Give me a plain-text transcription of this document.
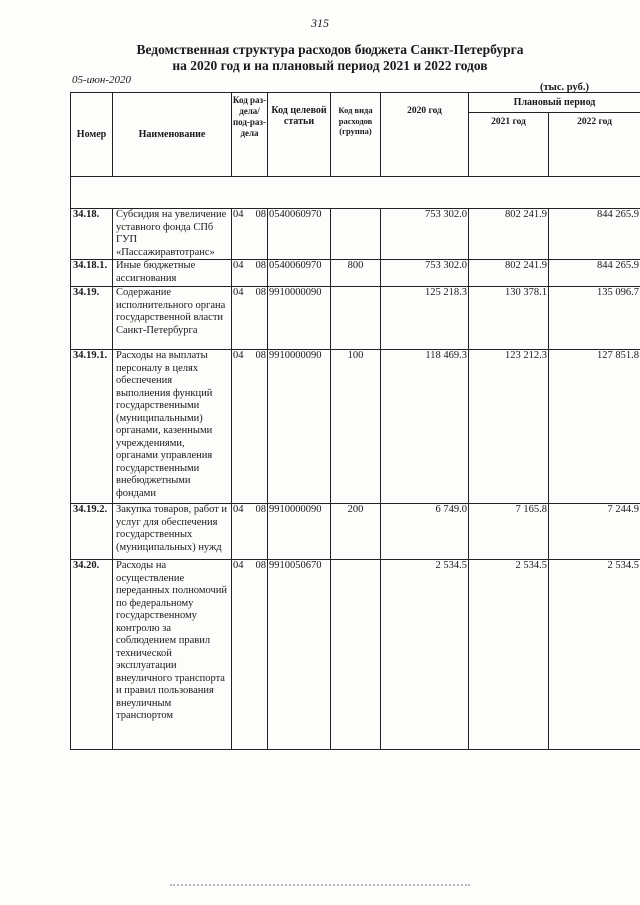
315
Ведомственная структура расходов бюджета Санкт-Петербурга
на 2020 год и на плановый период 2021 и 2022 годов
05-июн-2020
(тыс. руб.)
Номер	Наименование	Код раз-дела/ под-раз-дела	Код целевой статьи	Код вида расходов (группа)	2020 год	Плановый период	
						2021 год	2022 год

34.18.	Субсидия на увеличение уставного фонда СПб ГУП «Пассажиравтотранс»	04 08	0540060970		753 302.0	802 241.9	844 265.9
34.18.1.	Иные бюджетные ассигнования	04 08	0540060970	800	753 302.0	802 241.9	844 265.9
34.19.	Содержание исполнительного органа государственной власти Санкт-Петербурга	04 08	9910000090		125 218.3	130 378.1	135 096.7
34.19.1.	Расходы на выплаты персоналу в целях обеспечения выполнения функций государственными (муниципальными) органами, казенными учреждениями, органами управления государственными внебюджетными фондами	04 08	9910000090	100	118 469.3	123 212.3	127 851.8
34.19.2.	Закупка товаров, работ и услуг для обеспечения государственных (муниципальных) нужд	04 08	9910000090	200	6 749.0	7 165.8	7 244.9
34.20.	Расходы на осуществление переданных полномочий по федеральному государственному контролю за соблюдением правил технической эксплуатации внеуличного транспорта и правил пользования внеуличным транспортом	04 08	9910050670		2 534.5	2 534.5	2 534.5
